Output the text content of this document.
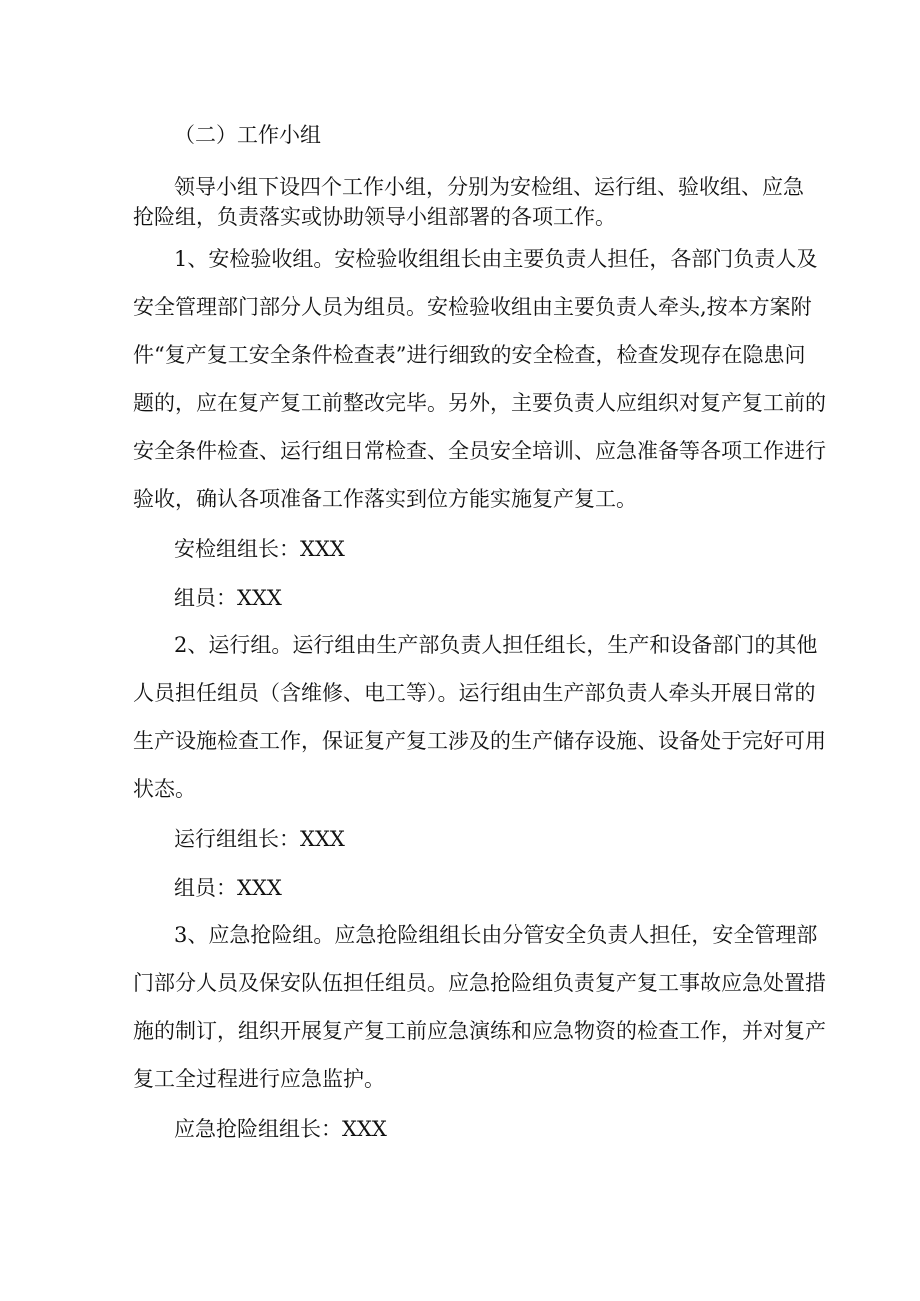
（二）工作小组
领导小组下设四个工作小组，分别为安检组、运行组、验收组、应急
抢险组，负责落实或协助领导小组部署的各项工作。
1、安检验收组。安检验收组组长由主要负责人担任，各部门负责人及
安全管理部门部分人员为组员。安检验收组由主要负责人牵头,按本方案附
件“复产复工安全条件检查表”进行细致的安全检查，检查发现存在隐患问
题的，应在复产复工前整改完毕。另外，主要负责人应组织对复产复工前的
安全条件检查、运行组日常检查、全员安全培训、应急准备等各项工作进行
验收，确认各项准备工作落实到位方能实施复产复工。
安检组组长：XXX
组员：XXX
2、运行组。运行组由生产部负责人担任组长，生产和设备部门的其他
人员担任组员（含维修、电工等）。运行组由生产部负责人牵头开展日常的
生产设施检查工作，保证复产复工涉及的生产储存设施、设备处于完好可用
状态。
运行组组长：XXX
组员：XXX
3、应急抢险组。应急抢险组组长由分管安全负责人担任，安全管理部
门部分人员及保安队伍担任组员。应急抢险组负责复产复工事故应急处置措
施的制订，组织开展复产复工前应急演练和应急物资的检查工作，并对复产
复工全过程进行应急监护。
应急抢险组组长：XXX
